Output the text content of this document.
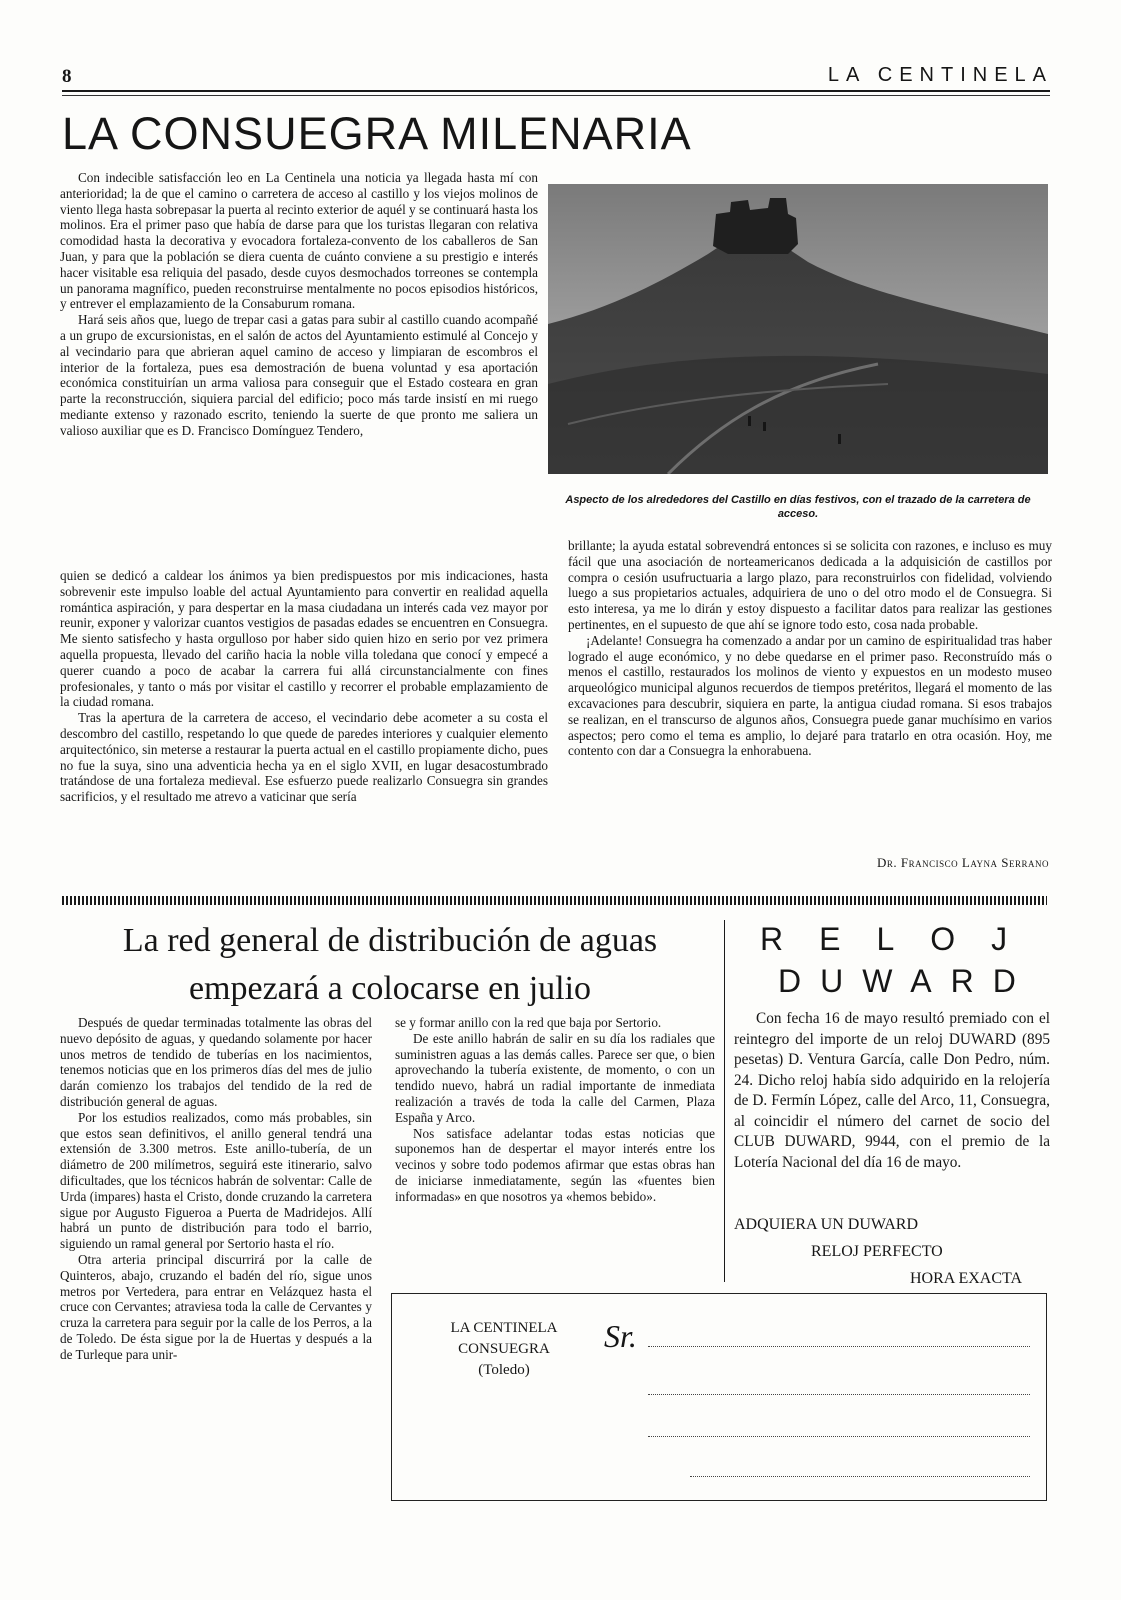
8	LA CENTINELA
LA CONSUEGRA MILENARIA

Con indecible satisfacción leo en La Centinela una noticia ya llegada hasta mí con anterioridad; la de que el camino o carretera de acceso al castillo y los viejos molinos de viento llega hasta sobrepasar la puerta al recinto exterior de aquél y se continuará hasta los molinos. Era el primer paso que había de darse para que los turistas llegaran con relativa comodidad hasta la decorativa y evocadora fortaleza-convento de los caballeros de San Juan, y para que la población se diera cuenta de cuánto conviene a su prestigio e interés hacer visitable esa reliquia del pasado, desde cuyos desmochados torreones se contempla un panorama magnífico, pueden reconstruirse mentalmente no pocos episodios históricos, y entrever el emplazamiento de la Consaburum romana.

Hará seis años que, luego de trepar casi a gatas para subir al castillo cuando acompañé a un grupo de excursionistas, en el salón de actos del Ayuntamiento estimulé al Concejo y al vecindario para que abrieran aquel camino de acceso y limpiaran de escombros el interior de la fortaleza, pues esa demostración de buena voluntad y esa aportación económica constituirían un arma valiosa para conseguir que el Estado costeara en gran parte la reconstrucción, siquiera parcial del edificio; poco más tarde insistí en mi ruego mediante extenso y razonado escrito, teniendo la suerte de que pronto me saliera un valioso auxiliar que es D. Francisco Domínguez Tendero,

quien se dedicó a caldear los ánimos ya bien predispuestos por mis indicaciones, hasta sobrevenir este impulso loable del actual Ayuntamiento para convertir en realidad aquella romántica aspiración, y para despertar en la masa ciudadana un interés cada vez mayor por reunir, exponer y valorizar cuantos vestigios de pasadas edades se encuentren en Consuegra. Me siento satisfecho y hasta orgulloso por haber sido quien hizo en serio por vez primera aquella propuesta, llevado del cariño hacia la noble villa toledana que conocí y empecé a querer cuando a poco de acabar la carrera fui allá circunstancialmente con fines profesionales, y tanto o más por visitar el castillo y recorrer el probable emplazamiento de la ciudad romana.

Tras la apertura de la carretera de acceso, el vecindario debe acometer a su costa el descombro del castillo, respetando lo que quede de paredes interiores y cualquier elemento arquitectónico, sin meterse a restaurar la puerta actual en el castillo propiamente dicho, pues no fue la suya, sino una adventicia hecha ya en el siglo XVII, en lugar desacostumbrado tratándose de una fortaleza medieval. Ese esfuerzo puede realizarlo Consuegra sin grandes sacrificios, y el resultado me atrevo a vaticinar que sería

Aspecto de los alrededores del Castillo en días festivos, con el trazado de la carretera de acceso.

brillante; la ayuda estatal sobrevendrá entonces si se solicita con razones, e incluso es muy fácil que una asociación de norteamericanos dedicada a la adquisición de castillos por compra o cesión usufructuaria a largo plazo, para reconstruirlos con fidelidad, volviendo luego a sus propietarios actuales, adquiriera de uno o del otro modo el de Consuegra. Si esto interesa, ya me lo dirán y estoy dispuesto a facilitar datos para realizar las gestiones pertinentes, en el supuesto de que ahí se ignore todo esto, cosa nada probable.

¡Adelante! Consuegra ha comenzado a andar por un camino de espiritualidad tras haber logrado el auge económico, y no debe quedarse en el primer paso. Reconstruído más o menos el castillo, restaurados los molinos de viento y expuestos en un modesto museo arqueológico municipal algunos recuerdos de tiempos pretéritos, llegará el momento de las excavaciones para descubrir, siquiera en parte, la antigua ciudad romana. Si esos trabajos se realizan, en el transcurso de algunos años, Consuegra puede ganar muchísimo en varios aspectos; pero como el tema es amplio, lo dejaré para tratarlo en otra ocasión. Hoy, me contento con dar a Consuegra la enhorabuena.

Dr. Francisco Layna Serrano
La red general de distribución de aguas
empezará a colocarse en julio

Después de quedar terminadas totalmente las obras del nuevo depósito de aguas, y quedando solamente por hacer unos metros de tendido de tuberías en los nacimientos, tenemos noticias que en los primeros días del mes de julio darán comienzo los trabajos del tendido de la red de distribución general de aguas.

Por los estudios realizados, como más probables, sin que estos sean definitivos, el anillo general tendrá una extensión de 3.300 metros. Este anillo-tubería, de un diámetro de 200 milímetros, seguirá este itinerario, salvo dificultades, que los técnicos habrán de solventar: Calle de Urda (impares) hasta el Cristo, donde cruzando la carretera sigue por Augusto Figueroa a Puerta de Madridejos. Allí habrá un punto de distribución para todo el barrio, siguiendo un ramal general por Sertorio hasta el río.

Otra arteria principal discurrirá por la calle de Quinteros, abajo, cruzando el badén del río, sigue unos metros por Vertedera, para entrar en Velázquez hasta el cruce con Cervantes; atraviesa toda la calle de Cervantes y cruza la carretera para seguir por la calle de los Perros, a la de Toledo. De ésta sigue por la de Huertas y después a la de Turleque para unir-

se y formar anillo con la red que baja por Sertorio.

De este anillo habrán de salir en su día los radiales que suministren aguas a las demás calles. Parece ser que, o bien aprovechando la tubería existente, de momento, o con un tendido nuevo, habrá un radial importante de inmediata realización a través de toda la calle del Carmen, Plaza España y Arco.

Nos satisface adelantar todas estas noticias que suponemos han de despertar el mayor interés entre los vecinos y sobre todo podemos afirmar que estas obras han de iniciarse inmediatamente, según las «fuentes bien informadas» en que nosotros ya «hemos bebido».

RELOJ
DUWARD

Con fecha 16 de mayo resultó premiado con el reintegro del importe de un reloj DUWARD (895 pesetas) D. Ventura García, calle Don Pedro, núm. 24. Dicho reloj había sido adquirido en la relojería de D. Fermín López, calle del Arco, 11, Consuegra, al coincidir el número del carnet de socio del CLUB DUWARD, 9944, con el premio de la Lotería Nacional del día 16 de mayo.

ADQUIERA UN DUWARD
RELOJ PERFECTO
HORA EXACTA
LA CENTINELA
CONSUEGRA
(Toledo)
Sr.
